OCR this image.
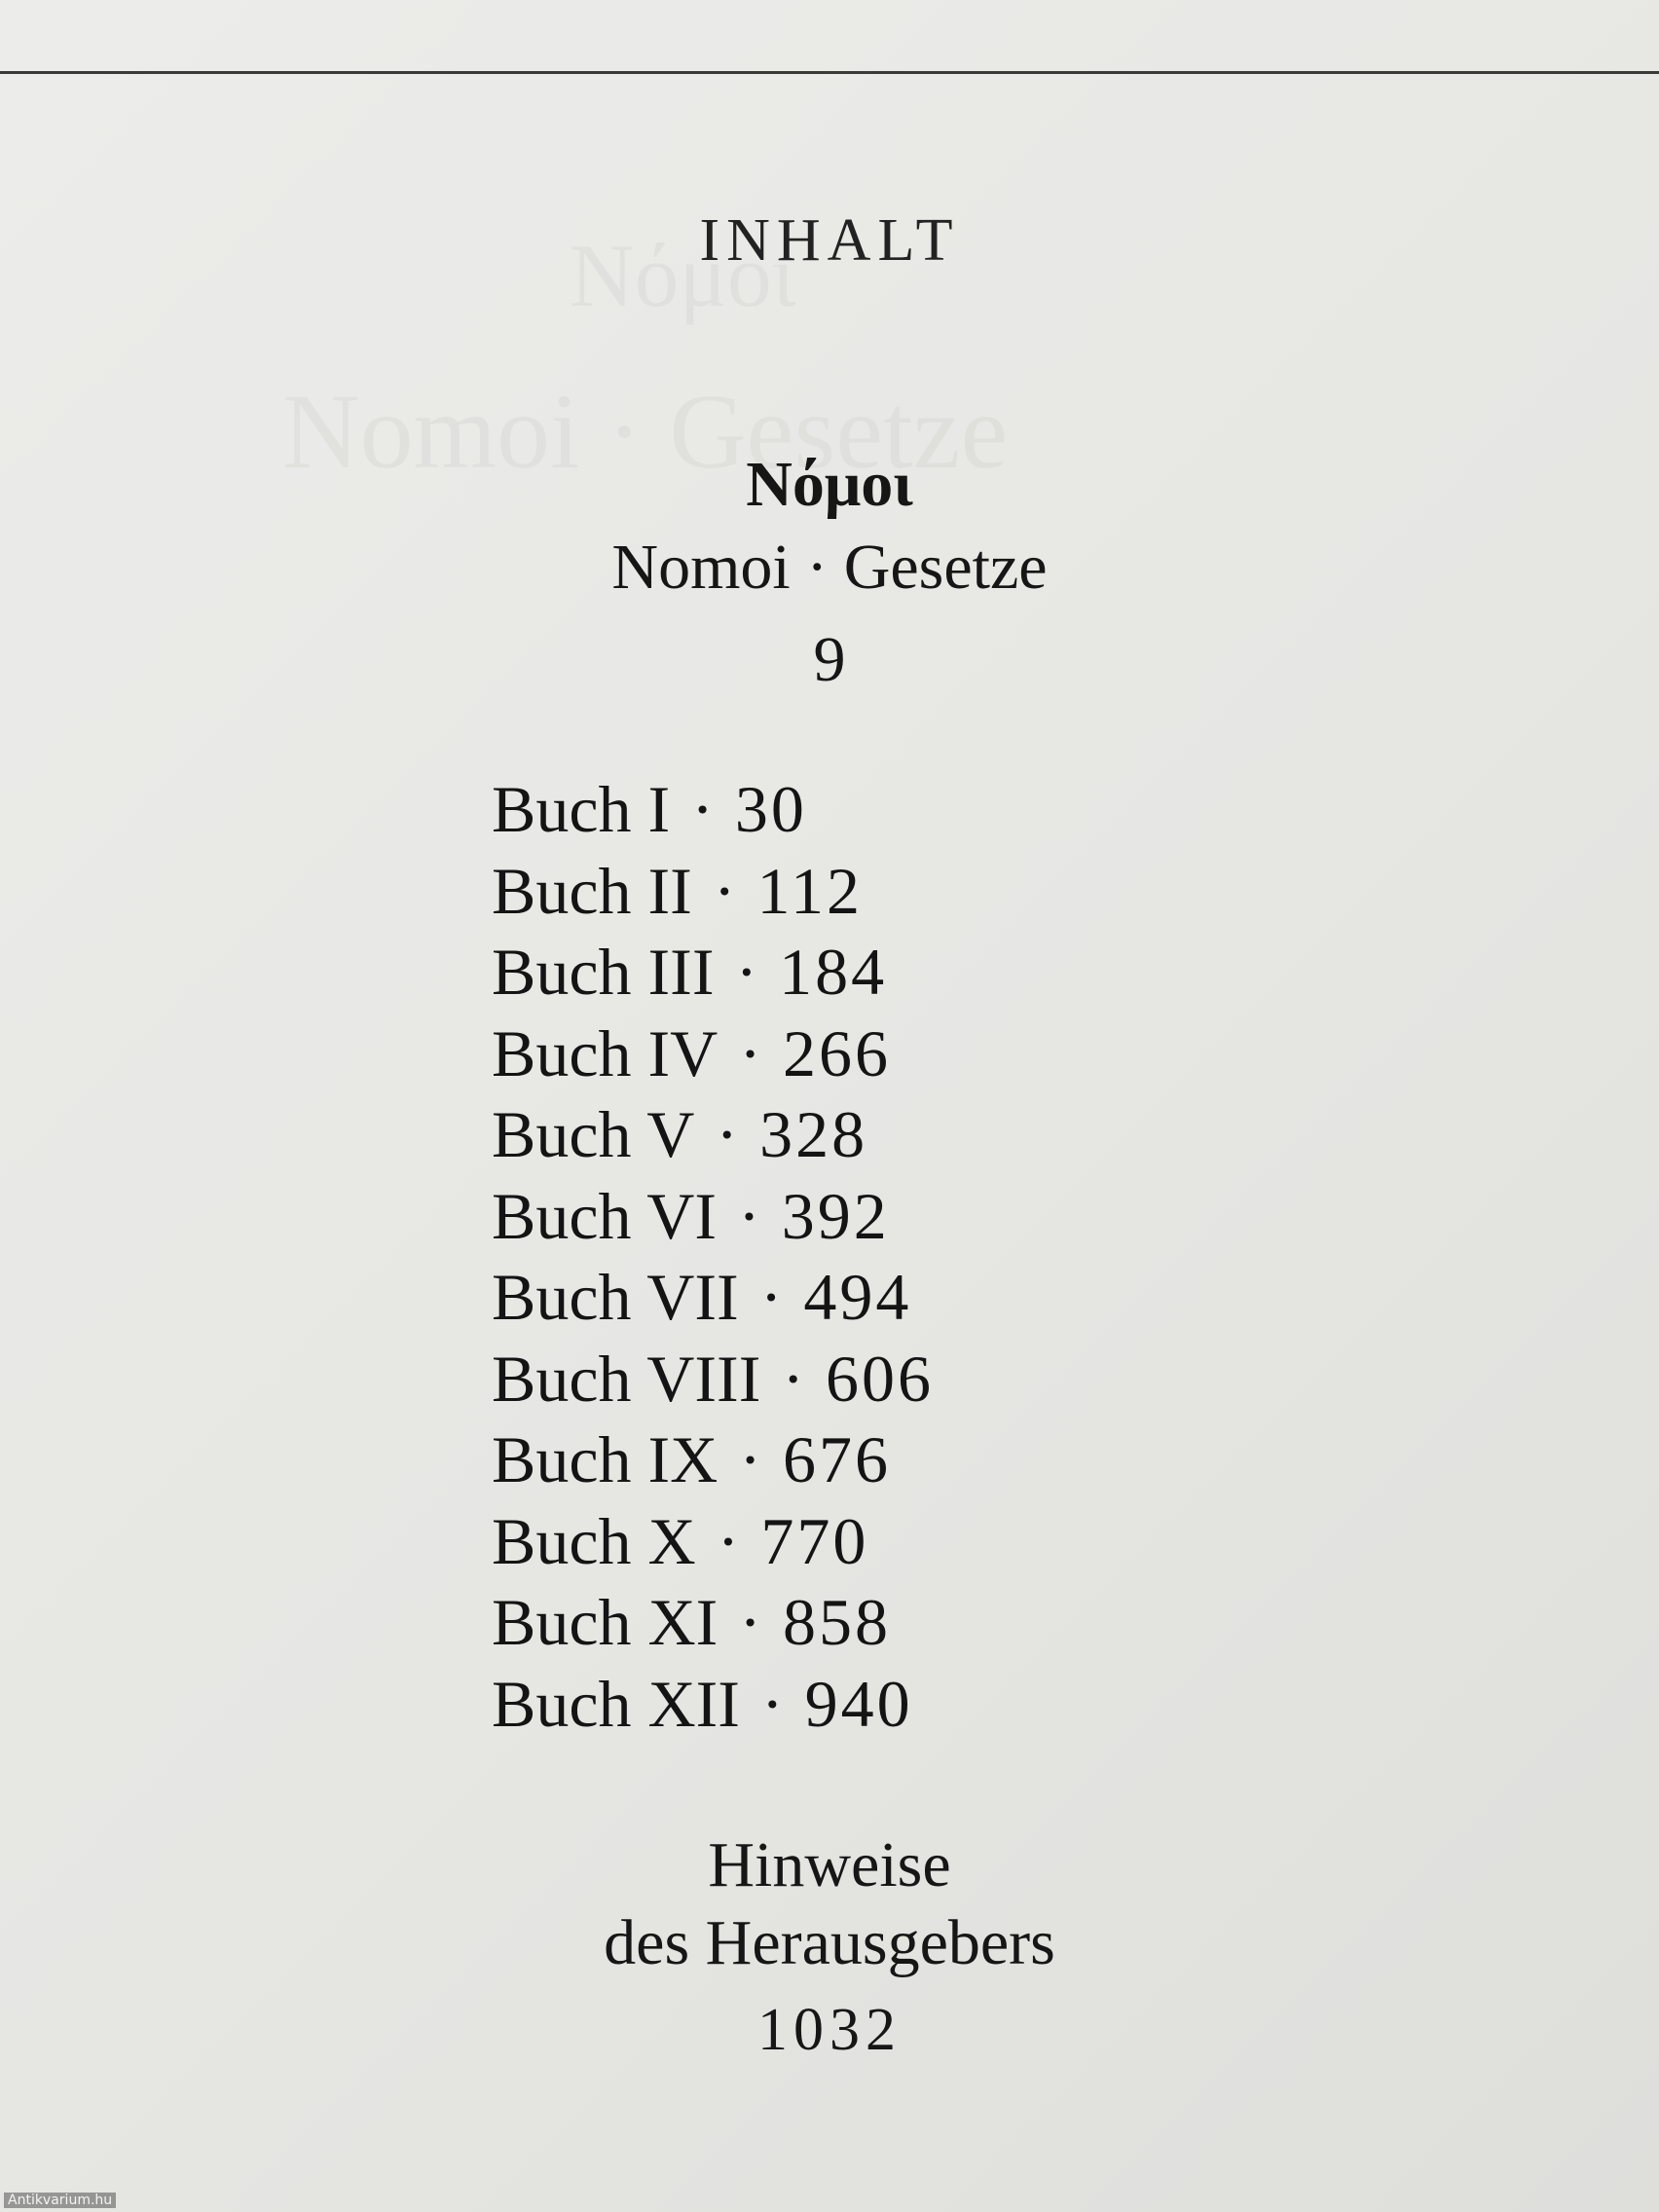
INHALT
Νόμοι
Nomoi · Gesetze
9
Buch I · 30
Buch II · 112
Buch III · 184
Buch IV · 266
Buch V · 328
Buch VI · 392
Buch VII · 494
Buch VIII · 606
Buch IX · 676
Buch X · 770
Buch XI · 858
Buch XII · 940
Hinweise
des Herausgebers
1032
Antikvarium.hu
